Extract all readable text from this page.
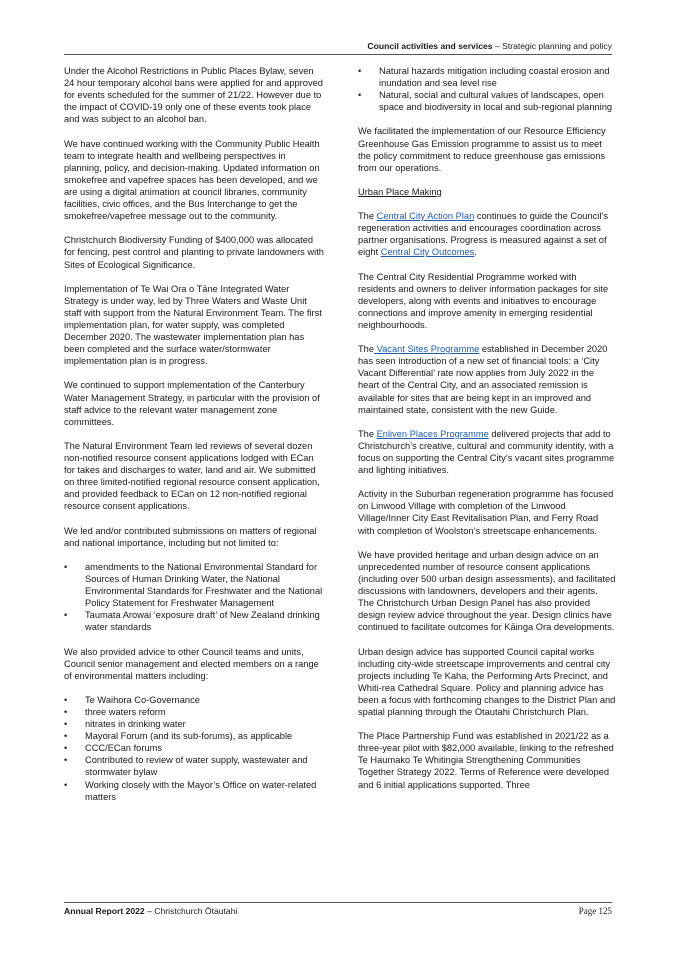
Council activities and services – Strategic planning and policy

Under the Alcohol Restrictions in Public Places Bylaw, seven 24 hour temporary alcohol bans were applied for and approved for events scheduled for the summer of 21/22. However due to the impact of COVID-19 only one of these events took place and was subject to an alcohol ban.

We have continued working with the Community Public Health team to integrate health and wellbeing perspectives in planning, policy, and decision-making. Updated information on smokefree and vapefree spaces has been developed, and we are using a digital animation at council libraries, community facilities, civic offices, and the Bus Interchange to get the smokefree/vapefree message out to the community.

Christchurch Biodiversity Funding of $400,000 was allocated for fencing, pest control and planting to private landowners with Sites of Ecological Significance.

Implementation of Te Wai Ora o Tāne Integrated Water Strategy is under way, led by Three Waters and Waste Unit staff with support from the Natural Environment Team. The first implementation plan, for water supply, was completed December 2020. The wastewater implementation plan has been completed and the surface water/stormwater implementation plan is in progress.

We continued to support implementation of the Canterbury Water Management Strategy, in particular with the provision of staff advice to the relevant water management zone committees.

The Natural Environment Team led reviews of several dozen non-notified resource consent applications lodged with ECan for takes and discharges to water, land and air. We submitted on three limited-notified regional resource consent application, and provided feedback to ECan on 12 non-notified regional resource consent applications.

We led and/or contributed submissions on matters of regional and national importance, including but not limited to:

• amendments to the National Environmental Standard for Sources of Human Drinking Water, the National Environmental Standards for Freshwater and the National Policy Statement for Freshwater Management
• Taumata Arowai ‘exposure draft’ of New Zealand drinking water standards

We also provided advice to other Council teams and units, Council senior management and elected members on a range of environmental matters including:

• Te Waihora Co-Governance
• three waters reform
• nitrates in drinking water
• Mayoral Forum (and its sub-forums), as applicable
• CCC/ECan forums
• Contributed to review of water supply, wastewater and stormwater bylaw
• Working closely with the Mayor’s Office on water-related matters
• Natural hazards mitigation including coastal erosion and inundation and sea level rise
• Natural, social and cultural values of landscapes, open space and biodiversity in local and sub-regional planning

We facilitated the implementation of our Resource Efficiency Greenhouse Gas Emission programme to assist us to meet the policy commitment to reduce greenhouse gas emissions from our operations.

Urban Place Making

The Central City Action Plan continues to guide the Council’s regeneration activities and encourages coordination across partner organisations. Progress is measured against a set of eight Central City Outcomes.

The Central City Residential Programme worked with residents and owners to deliver information packages for site developers, along with events and initiatives to encourage connections and improve amenity in emerging residential neighbourhoods.

The Vacant Sites Programme established in December 2020 has seen introduction of a new set of financial tools: a ‘City Vacant Differential’ rate now applies from July 2022 in the heart of the Central City, and an associated remission is available for sites that are being kept in an improved and maintained state, consistent with the new Guide.

The Enliven Places Programme delivered projects that add to Christchurch’s creative, cultural and community identity, with a focus on supporting the Central City’s vacant sites programme and lighting initiatives.

Activity in the Suburban regeneration programme has focused on Linwood Village with completion of the Linwood Village/Inner City East Revitalisation Plan, and Ferry Road with completion of Woolston’s streetscape enhancements.

We have provided heritage and urban design advice on an unprecedented number of resource consent applications (including over 500 urban design assessments), and facilitated discussions with landowners, developers and their agents. The Christchurch Urban Design Panel has also provided design review advice throughout the year. Design clinics have continued to facilitate outcomes for Kāinga Ora developments.

Urban design advice has supported Council capital works including city-wide streetscape improvements and central city projects including Te Kaha, the Performing Arts Precinct, and Whiti-rea Cathedral Square. Policy and planning advice has been a focus with forthcoming changes to the District Plan and spatial planning through the Otautahi Christchurch Plan.

The Place Partnership Fund was established in 2021/22 as a three-year pilot with $82,000 available, linking to the refreshed Te Haumako Te Whitingia Strengthening Communities Together Strategy 2022. Terms of Reference were developed and 6 initial applications supported. Three

Annual Report 2022 – Christchurch Ōtautahi	Page 125
